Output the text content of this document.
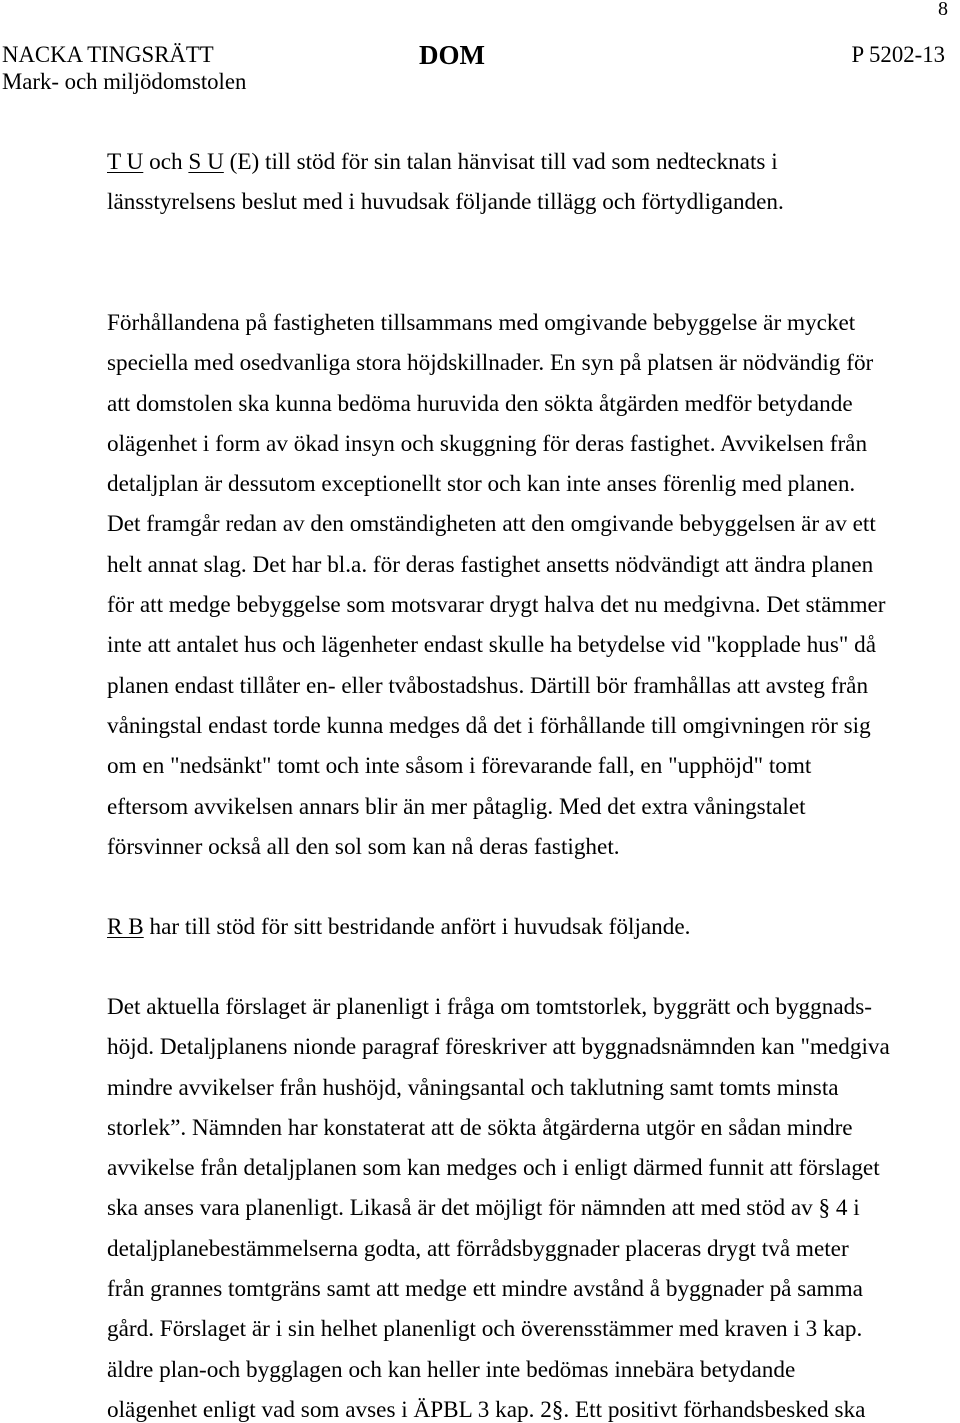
8
NACKA TINGSRÄTT
Mark- och miljödomstolen
DOM	P 5202-13
T U och S U (E) till stöd för sin talan hänvisat till vad som nedtecknats i
länsstyrelsens beslut med i huvudsak följande tillägg och förtydliganden.
Förhållandena på fastigheten tillsammans med omgivande bebyggelse är mycket
speciella med osedvanliga stora höjdskillnader. En syn på platsen är nödvändig för
att domstolen ska kunna bedöma huruvida den sökta åtgärden medför betydande
olägenhet i form av ökad insyn och skuggning för deras fastighet. Avvikelsen från
detaljplan är dessutom exceptionellt stor och kan inte anses förenlig med planen.
Det framgår redan av den omständigheten att den omgivande bebyggelsen är av ett
helt annat slag. Det har bl.a. för deras fastighet ansetts nödvändigt att ändra planen
för att medge bebyggelse som motsvarar drygt halva det nu medgivna. Det stämmer
inte att antalet hus och lägenheter endast skulle ha betydelse vid "kopplade hus" då
planen endast tillåter en- eller tvåbostadshus. Därtill bör framhållas att avsteg från
våningstal endast torde kunna medges då det i förhållande till omgivningen rör sig
om en "nedsänkt" tomt och inte såsom i förevarande fall, en "upphöjd" tomt
eftersom avvikelsen annars blir än mer påtaglig. Med det extra våningstalet
försvinner också all den sol som kan nå deras fastighet.
R B har till stöd för sitt bestridande anfört i huvudsak följande.
Det aktuella förslaget är planenligt i fråga om tomtstorlek, byggrätt och byggnads-
höjd. Detaljplanens nionde paragraf föreskriver att byggnadsnämnden kan "medgiva
mindre avvikelser från hushöjd, våningsantal och taklutning samt tomts minsta
storlek”. Nämnden har konstaterat att de sökta åtgärderna utgör en sådan mindre
avvikelse från detaljplanen som kan medges och i enligt därmed funnit att förslaget
ska anses vara planenligt. Likaså är det möjligt för nämnden att med stöd av § 4 i
detaljplanebestämmelserna godta, att förrådsbyggnader placeras drygt två meter
från grannes tomtgräns samt att medge ett mindre avstånd å byggnader på samma
gård. Förslaget är i sin helhet planenligt och överensstämmer med kraven i 3 kap.
äldre plan-och bygglagen och kan heller inte bedömas innebära betydande
olägenhet enligt vad som avses i ÄPBL 3 kap. 2§. Ett positivt förhandsbesked ska
